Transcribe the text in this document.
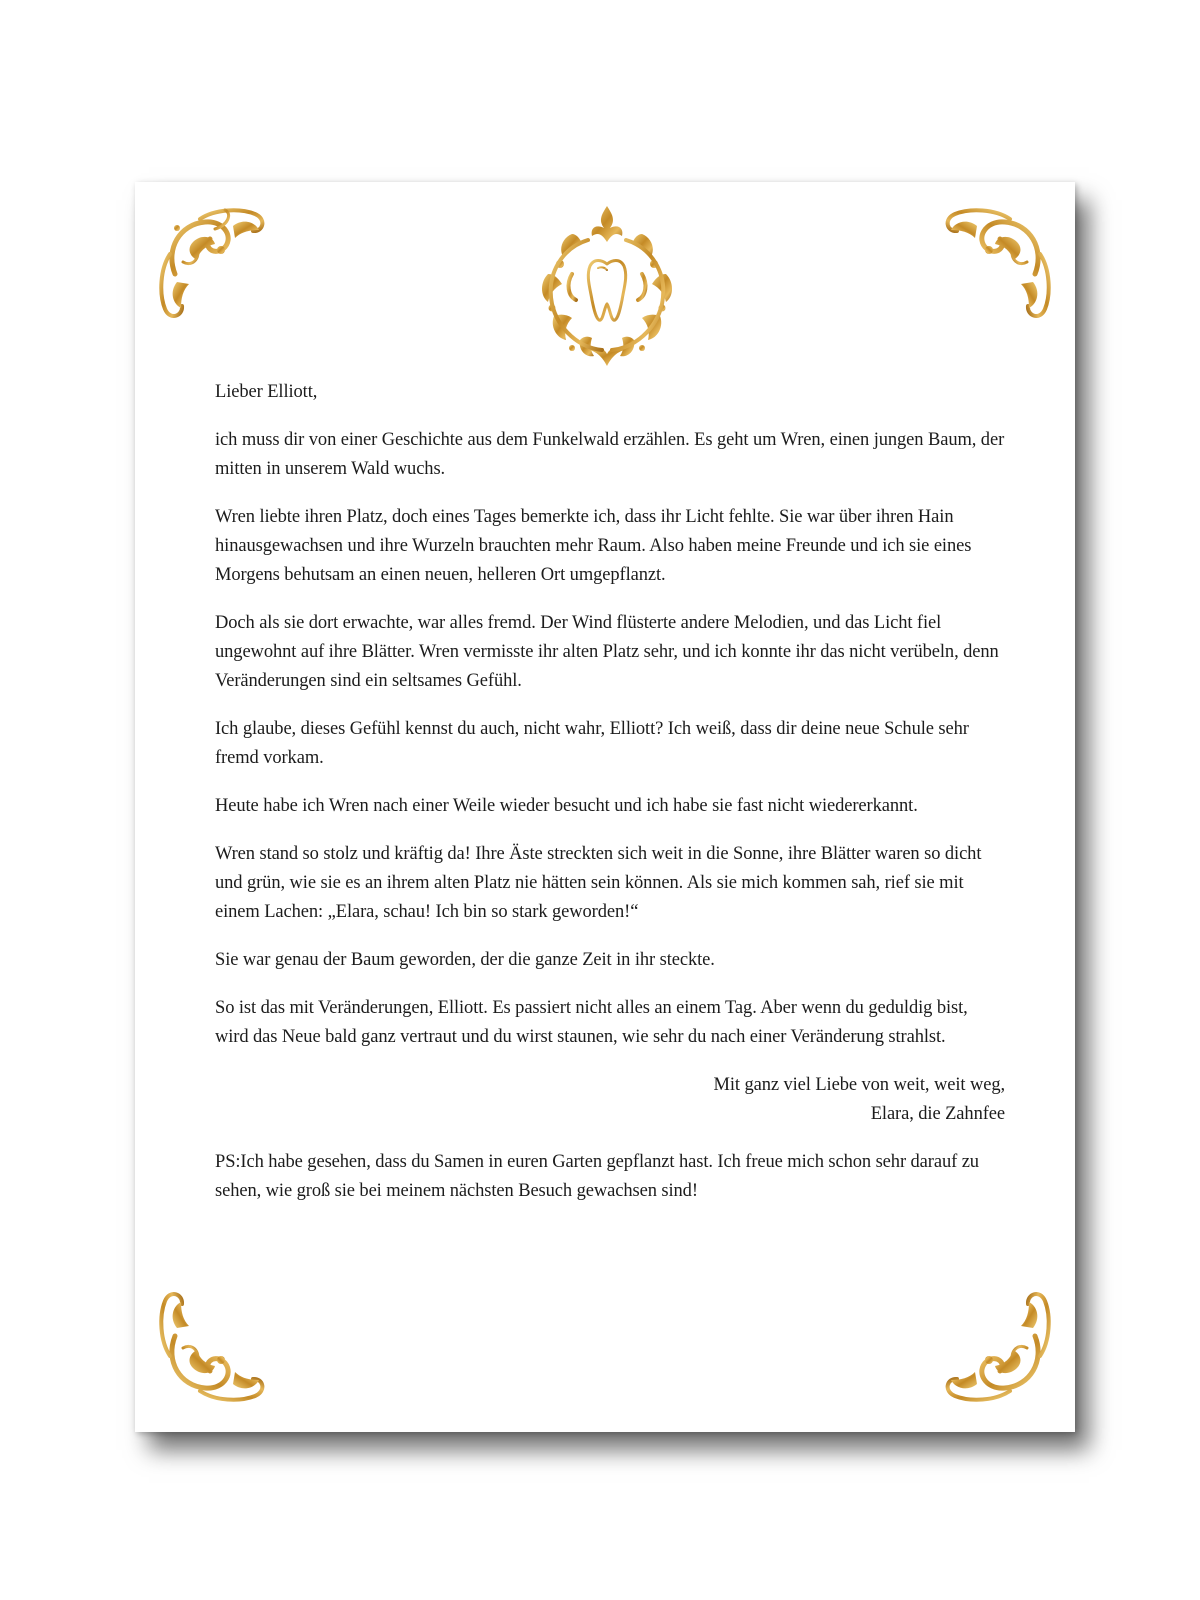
Lieber Elliott,

ich muss dir von einer Geschichte aus dem Funkelwald erzählen. Es geht um Wren, einen jungen Baum, der mitten in unserem Wald wuchs.

Wren liebte ihren Platz, doch eines Tages bemerkte ich, dass ihr Licht fehlte. Sie war über ihren Hain hinausgewachsen und ihre Wurzeln brauchten mehr Raum. Also haben meine Freunde und ich sie eines Morgens behutsam an einen neuen, helleren Ort umgepflanzt.

Doch als sie dort erwachte, war alles fremd. Der Wind flüsterte andere Melodien, und das Licht fiel ungewohnt auf ihre Blätter. Wren vermisste ihr alten Platz sehr, und ich konnte ihr das nicht verübeln, denn Veränderungen sind ein seltsames Gefühl.

Ich glaube, dieses Gefühl kennst du auch, nicht wahr, Elliott? Ich weiß, dass dir deine neue Schule sehr fremd vorkam.

Heute habe ich Wren nach einer Weile wieder besucht und ich habe sie fast nicht wiedererkannt.

Wren stand so stolz und kräftig da! Ihre Äste streckten sich weit in die Sonne, ihre Blätter waren so dicht und grün, wie sie es an ihrem alten Platz nie hätten sein können. Als sie mich kommen sah, rief sie mit einem Lachen: „Elara, schau! Ich bin so stark geworden!“

Sie war genau der Baum geworden, der die ganze Zeit in ihr steckte.

So ist das mit Veränderungen, Elliott. Es passiert nicht alles an einem Tag. Aber wenn du geduldig bist, wird das Neue bald ganz vertraut und du wirst staunen, wie sehr du nach einer Veränderung strahlst.

Mit ganz viel Liebe von weit, weit weg,
Elara, die Zahnfee

PS:Ich habe gesehen, dass du Samen in euren Garten gepflanzt hast. Ich freue mich schon sehr darauf zu sehen, wie groß sie bei meinem nächsten Besuch gewachsen sind!
